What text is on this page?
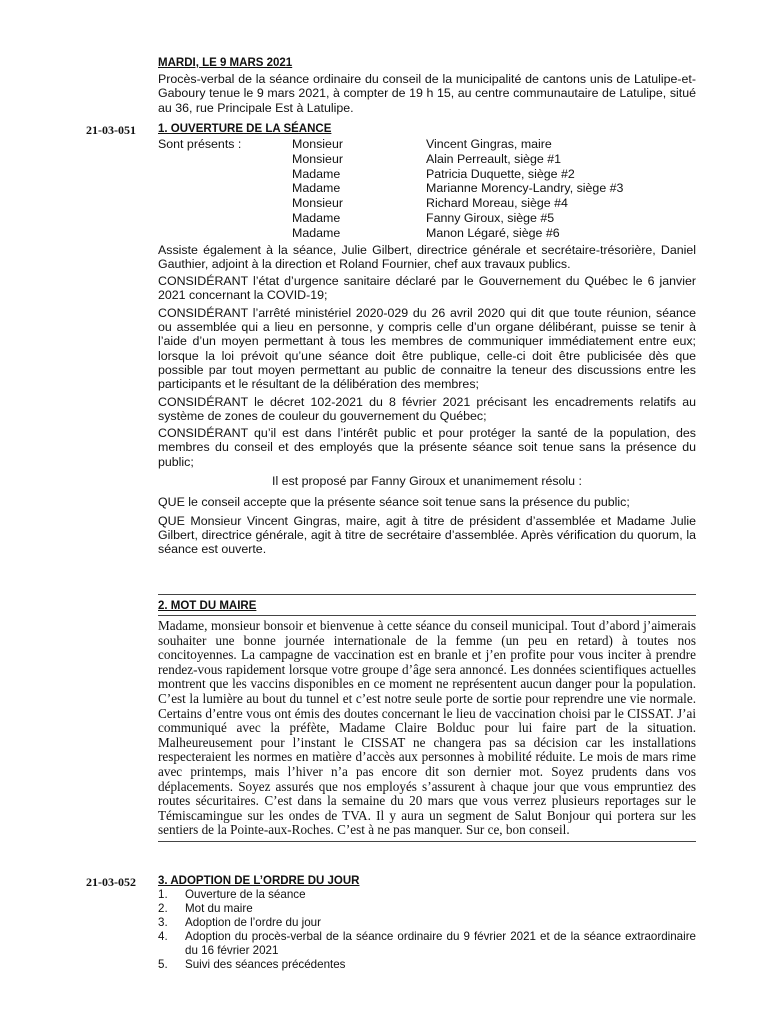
MARDI, LE 9 MARS 2021

Procès-verbal de la séance ordinaire du conseil de la municipalité de cantons unis de Latulipe-et-Gaboury tenue le 9 mars 2021, à compter de 19 h 15, au centre communautaire de Latulipe, situé au 36, rue Principale Est à Latulipe.

21-03-051 1. OUVERTURE DE LA SÉANCE
Sont présents :	Monsieur	Vincent Gingras, maire
Monsieur	Alain Perreault, siège #1
Madame	Patricia Duquette, siège #2
Madame	Marianne Morency-Landry, siège #3
Monsieur	Richard Moreau, siège #4
Madame	Fanny Giroux, siège #5
Madame	Manon Légaré, siège #6

Assiste également à la séance, Julie Gilbert, directrice générale et secrétaire-trésorière, Daniel Gauthier, adjoint à la direction et Roland Fournier, chef aux travaux publics.

CONSIDÉRANT l’état d’urgence sanitaire déclaré par le Gouvernement du Québec le 6 janvier 2021 concernant la COVID-19;

CONSIDÉRANT l’arrêté ministériel 2020-029 du 26 avril 2020 qui dit que toute réunion, séance ou assemblée qui a lieu en personne, y compris celle d’un organe délibérant, puisse se tenir à l’aide d’un moyen permettant à tous les membres de communiquer immédiatement entre eux; lorsque la loi prévoit qu’une séance doit être publique, celle-ci doit être publicisée dès que possible par tout moyen permettant au public de connaitre la teneur des discussions entre les participants et le résultant de la délibération des membres;

CONSIDÉRANT le décret 102-2021 du 8 février 2021 précisant les encadrements relatifs au système de zones de couleur du gouvernement du Québec;

CONSIDÉRANT qu’il est dans l’intérêt public et pour protéger la santé de la population, des membres du conseil et des employés que la présente séance soit tenue sans la présence du public;

Il est proposé par Fanny Giroux et unanimement résolu :

QUE le conseil accepte que la présente séance soit tenue sans la présence du public;

QUE Monsieur Vincent Gingras, maire, agit à titre de président d’assemblée et Madame Julie Gilbert, directrice générale, agit à titre de secrétaire d’assemblée. Après vérification du quorum, la séance est ouverte.

2. MOT DU MAIRE
Madame, monsieur bonsoir et bienvenue à cette séance du conseil municipal. Tout d’abord j’aimerais souhaiter une bonne journée internationale de la femme (un peu en retard) à toutes nos concitoyennes. La campagne de vaccination est en branle et j’en profite pour vous inciter à prendre rendez-vous rapidement lorsque votre groupe d’âge sera annoncé. Les données scientifiques actuelles montrent que les vaccins disponibles en ce moment ne représentent aucun danger pour la population. C’est la lumière au bout du tunnel et c’est notre seule porte de sortie pour reprendre une vie normale. Certains d’entre vous ont émis des doutes concernant le lieu de vaccination choisi par le CISSAT. J’ai communiqué avec la préfète, Madame Claire Bolduc pour lui faire part de la situation. Malheureusement pour l’instant le CISSAT ne changera pas sa décision car les installations respecteraient les normes en matière d’accès aux personnes à mobilité réduite. Le mois de mars rime avec printemps, mais l’hiver n’a pas encore dit son dernier mot. Soyez prudents dans vos déplacements. Soyez assurés que nos employés s’assurent à chaque jour que vous empruntiez des routes sécuritaires. C’est dans la semaine du 20 mars que vous verrez plusieurs reportages sur le Témiscamingue sur les ondes de TVA. Il y aura un segment de Salut Bonjour qui portera sur les sentiers de la Pointe-aux-Roches. C’est à ne pas manquer. Sur ce, bon conseil.
21-03-052 3. ADOPTION DE L’ORDRE DU JOUR
1.	Ouverture de la séance
2.	Mot du maire
3.	Adoption de l’ordre du jour
4.	Adoption du procès-verbal de la séance ordinaire du 9 février 2021 et de la séance extraordinaire du 16 février 2021
5.	Suivi des séances précédentes
